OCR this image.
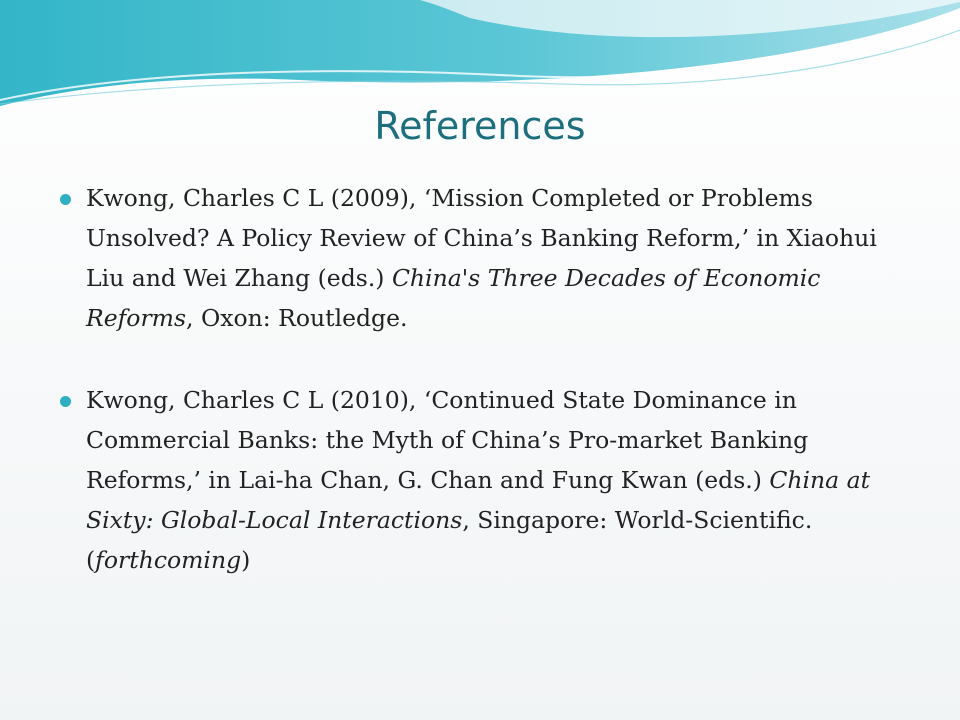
References
Kwong, Charles C L (2009), ‘Mission Completed or Problems Unsolved? A Policy Review of China’s Banking Reform,’ in Xiaohui Liu and Wei Zhang (eds.) China's Three Decades of Economic Reforms, Oxon: Routledge.
Kwong, Charles C L (2010), ‘Continued State Dominance in Commercial Banks: the Myth of China’s Pro-market Banking Reforms,’ in Lai-ha Chan, G. Chan and Fung Kwan (eds.) China at Sixty: Global-Local Interactions, Singapore: World-Scientific. (forthcoming)
